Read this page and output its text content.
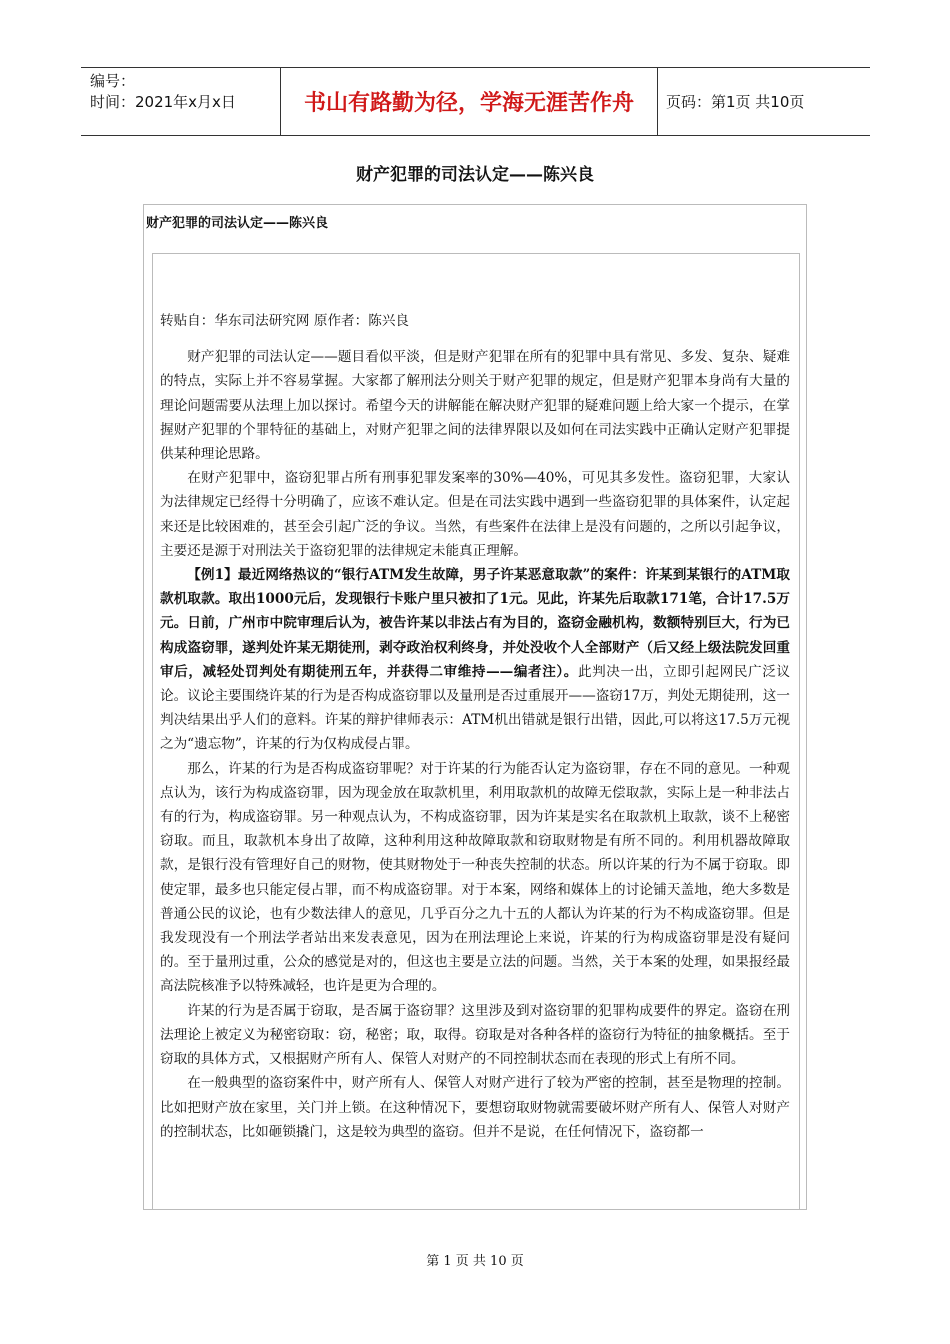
编号：
时间：2021年x月x日	书山有路勤为径，学海无涯苦作舟	页码：第1页 共10页
财产犯罪的司法认定——陈兴良
财产犯罪的司法认定——陈兴良
转贴自：华东司法研究网 原作者：陈兴良

财产犯罪的司法认定——题目看似平淡，但是财产犯罪在所有的犯罪中具有常见、多发、复杂、疑难的特点，实际上并不容易掌握。大家都了解刑法分则关于财产犯罪的规定，但是财产犯罪本身尚有大量的理论问题需要从法理上加以探讨。希望今天的讲解能在解决财产犯罪的疑难问题上给大家一个提示，在掌握财产犯罪的个罪特征的基础上，对财产犯罪之间的法律界限以及如何在司法实践中正确认定财产犯罪提供某种理论思路。

在财产犯罪中，盗窃犯罪占所有刑事犯罪发案率的30%—40%，可见其多发性。盗窃犯罪，大家认为法律规定已经得十分明确了，应该不难认定。但是在司法实践中遇到一些盗窃犯罪的具体案件，认定起来还是比较困难的，甚至会引起广泛的争议。当然，有些案件在法律上是没有问题的，之所以引起争议，主要还是源于对刑法关于盗窃犯罪的法律规定未能真正理解。

【例1】最近网络热议的“银行ATM发生故障，男子许某恶意取款”的案件：许某到某银行的ATM取款机取款。取出1000元后，发现银行卡账户里只被扣了1元。见此，许某先后取款171笔，合计17.5万元。日前，广州市中院审理后认为，被告许某以非法占有为目的，盗窃金融机构，数额特别巨大，行为已构成盗窃罪，遂判处许某无期徒刑，剥夺政治权利终身，并处没收个人全部财产（后又经上级法院发回重审后，减轻处罚判处有期徒刑五年，并获得二审维持——编者注）。此判决一出，立即引起网民广泛议论。议论主要围绕许某的行为是否构成盗窃罪以及量刑是否过重展开——盗窃17万，判处无期徒刑，这一判决结果出乎人们的意料。许某的辩护律师表示：ATM机出错就是银行出错，因此,可以将这17.5万元视之为“遗忘物”，许某的行为仅构成侵占罪。

那么，许某的行为是否构成盗窃罪呢？对于许某的行为能否认定为盗窃罪，存在不同的意见。一种观点认为，该行为构成盗窃罪，因为现金放在取款机里，利用取款机的故障无偿取款，实际上是一种非法占有的行为，构成盗窃罪。另一种观点认为，不构成盗窃罪，因为许某是实名在取款机上取款，谈不上秘密窃取。而且，取款机本身出了故障，这种利用这种故障取款和窃取财物是有所不同的。利用机器故障取款，是银行没有管理好自己的财物，使其财物处于一种丧失控制的状态。所以许某的行为不属于窃取。即使定罪，最多也只能定侵占罪，而不构成盗窃罪。对于本案，网络和媒体上的讨论铺天盖地，绝大多数是普通公民的议论，也有少数法律人的意见，几乎百分之九十五的人都认为许某的行为不构成盗窃罪。但是我发现没有一个刑法学者站出来发表意见，因为在刑法理论上来说，许某的行为构成盗窃罪是没有疑问的。至于量刑过重，公众的感觉是对的，但这也主要是立法的问题。当然，关于本案的处理，如果报经最高法院核准予以特殊减轻，也许是更为合理的。

许某的行为是否属于窃取，是否属于盗窃罪？这里涉及到对盗窃罪的犯罪构成要件的界定。盗窃在刑法理论上被定义为秘密窃取：窃，秘密；取，取得。窃取是对各种各样的盗窃行为特征的抽象概括。至于窃取的具体方式，又根据财产所有人、保管人对财产的不同控制状态而在表现的形式上有所不同。

在一般典型的盗窃案件中，财产所有人、保管人对财产进行了较为严密的控制，甚至是物理的控制。比如把财产放在家里，关门并上锁。在这种情况下，要想窃取财物就需要破坏财产所有人、保管人对财产的控制状态，比如砸锁撬门，这是较为典型的盗窃。但并不是说，在任何情况下，盗窃都一

第 1 页 共 10 页
